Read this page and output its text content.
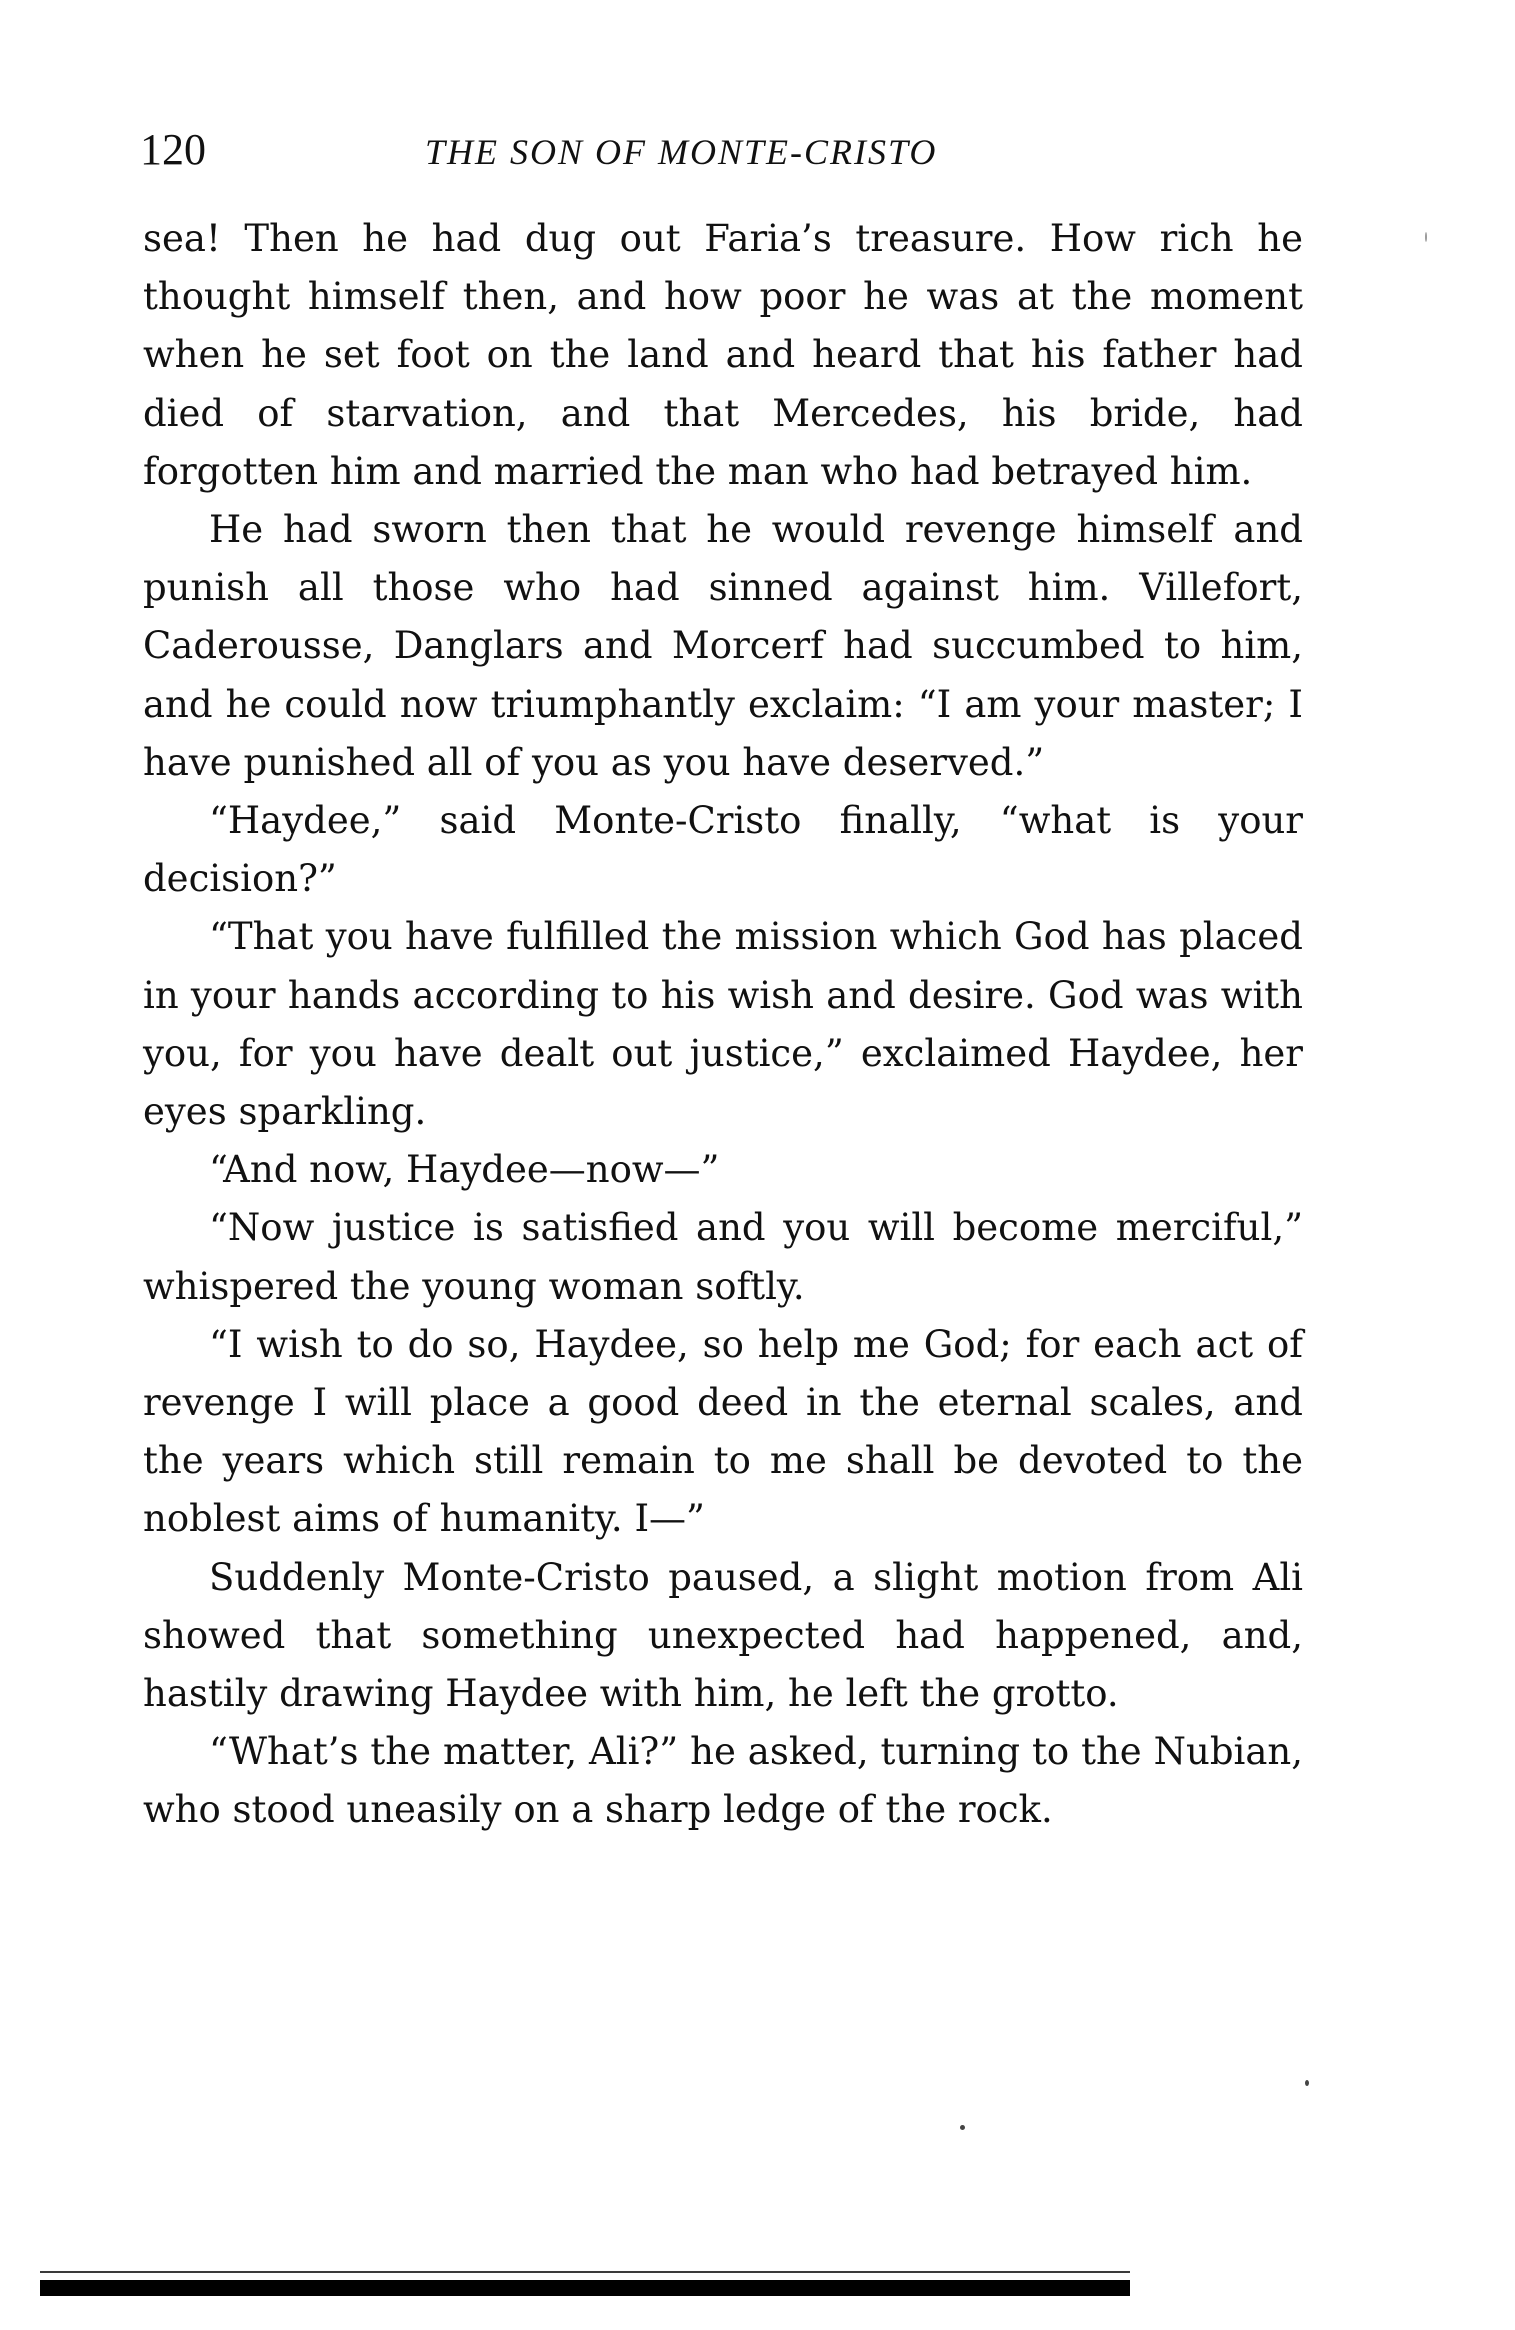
120	THE SON OF MONTE-CRISTO

sea! Then he had dug out Faria’s treasure. How rich he thought himself then, and how poor he was at the moment when he set foot on the land and heard that his father had died of starvation, and that Mercedes, his bride, had forgotten him and married the man who had betrayed him.

He had sworn then that he would revenge himself and punish all those who had sinned against him. Villefort, Caderousse, Danglars and Morcerf had succumbed to him, and he could now triumphantly exclaim: “I am your master; I have punished all of you as you have deserved.”

“Haydee,” said Monte-Cristo finally, “what is your decision?”

“That you have fulfilled the mission which God has placed in your hands according to his wish and desire. God was with you, for you have dealt out justice,” exclaimed Haydee, her eyes sparkling.

“And now, Haydee—now—”

“Now justice is satisfied and you will become merciful,” whispered the young woman softly.

“I wish to do so, Haydee, so help me God; for each act of revenge I will place a good deed in the eternal scales, and the years which still remain to me shall be devoted to the noblest aims of humanity. I—”

Suddenly Monte-Cristo paused, a slight motion from Ali showed that something unexpected had happened, and, hastily drawing Haydee with him, he left the grotto.

“What’s the matter, Ali?” he asked, turning to the Nubian, who stood uneasily on a sharp ledge of the rock.
